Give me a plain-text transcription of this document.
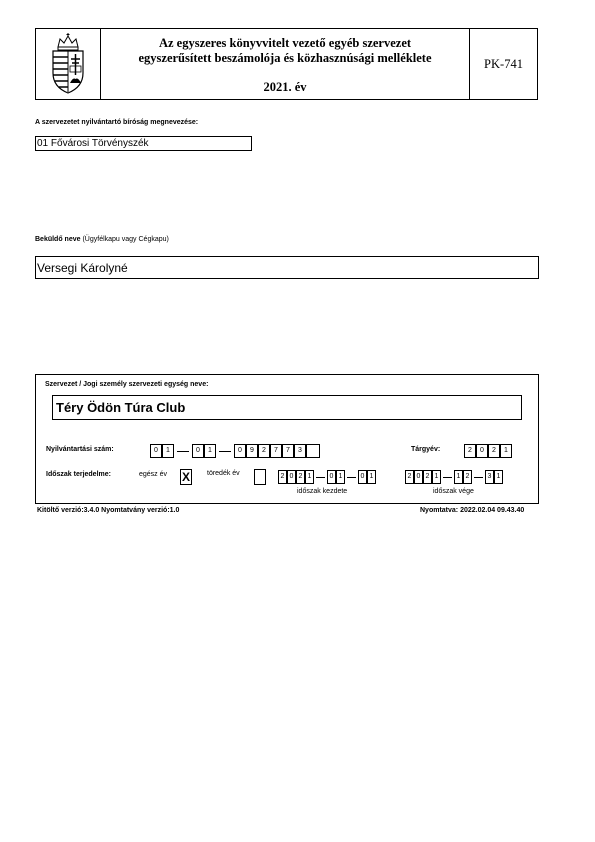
Az egyszeres könyvvitelt vezető egyéb szervezet
egyszerűsített beszámolója és közhasznúsági melléklete
2021. év
PK-741
A szervezetet nyilvántartó bíróság megnevezése:
01 Fővárosi Törvényszék
Beküldő neve (Ügyfélkapu vagy Cégkapu)
Versegi Károlyné
Szervezet / Jogi személy szervezeti egység neve:
Téry Ödön Túra Club
Nyilvántartási szám:	0	1	0	1	0	9	2	7	7	3	Tárgyév:	2	0	2	1
Időszak terjedelme:	egész év X töredék év	2 0 2 1	0 1	0 1
időszak kezdete
2 0 2 1	1 2	3 1
időszak vége
Kitöltő verzió:3.4.0 Nyomtatvány verzió:1.0	Nyomtatva: 2022.02.04 09.43.40
